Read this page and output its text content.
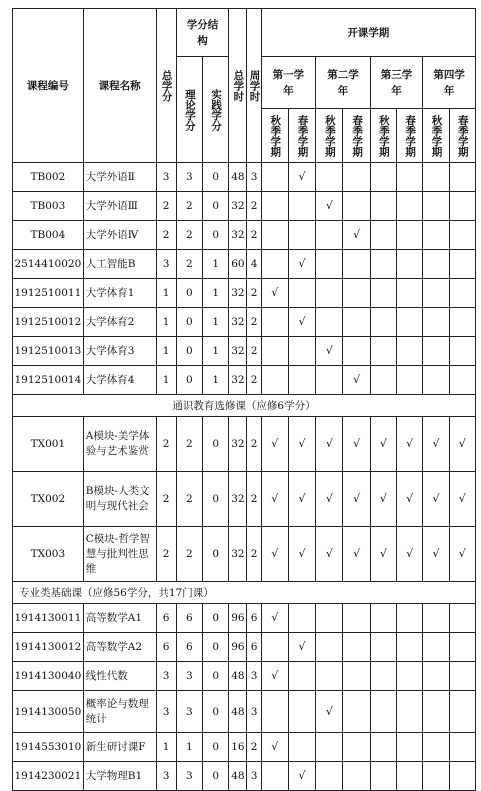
课程编号	课程名称	总学分	学分结构		总学时	周学时	开课学期							

			理论学分	实践学分			第一学年		第二学年		第三学年		第四学年	

							秋季学期	春季学期	秋季学期	春季学期	秋季学期	春季学期	秋季学期	春季学期

TB002	大学外语Ⅱ	3	3	0	48	3		√						
TB003	大学外语Ⅲ	2	2	0	32	2			√					
TB004	大学外语Ⅳ	2	2	0	32	2				√				
2514410020	人工智能B	3	2	1	60	4		√						
1912510011	大学体育1	1	0	1	32	2	√							
1912510012	大学体育2	1	0	1	32	2		√						
1912510013	大学体育3	1	0	1	32	2			√					
1912510014	大学体育4	1	0	1	32	2				√				
通识教育选修课（应修6学分）														
TX001	A模块-美学体验与艺术鉴赏	2	2	0	32	2	√	√	√	√	√	√	√	√
TX002	B模块-人类文明与现代社会	2	2	0	32	2	√	√	√	√	√	√	√	√
TX003	C模块-哲学智慧与批判性思维	2	2	0	32	2	√	√	√	√	√	√	√	√
专业类基础课（应修56学分，共17门课）														
1914130011	高等数学A1	6	6	0	96	6	√							
1914130012	高等数学A2	6	6	0	96	6		√						
1914130040	线性代数	3	3	0	48	3	√							
1914130050	概率论与数理统计	3	3	0	48	3			√					
1914553010	新生研讨课F	1	1	0	16	2	√							
1914230021	大学物理B1	3	3	0	48	3		√						
